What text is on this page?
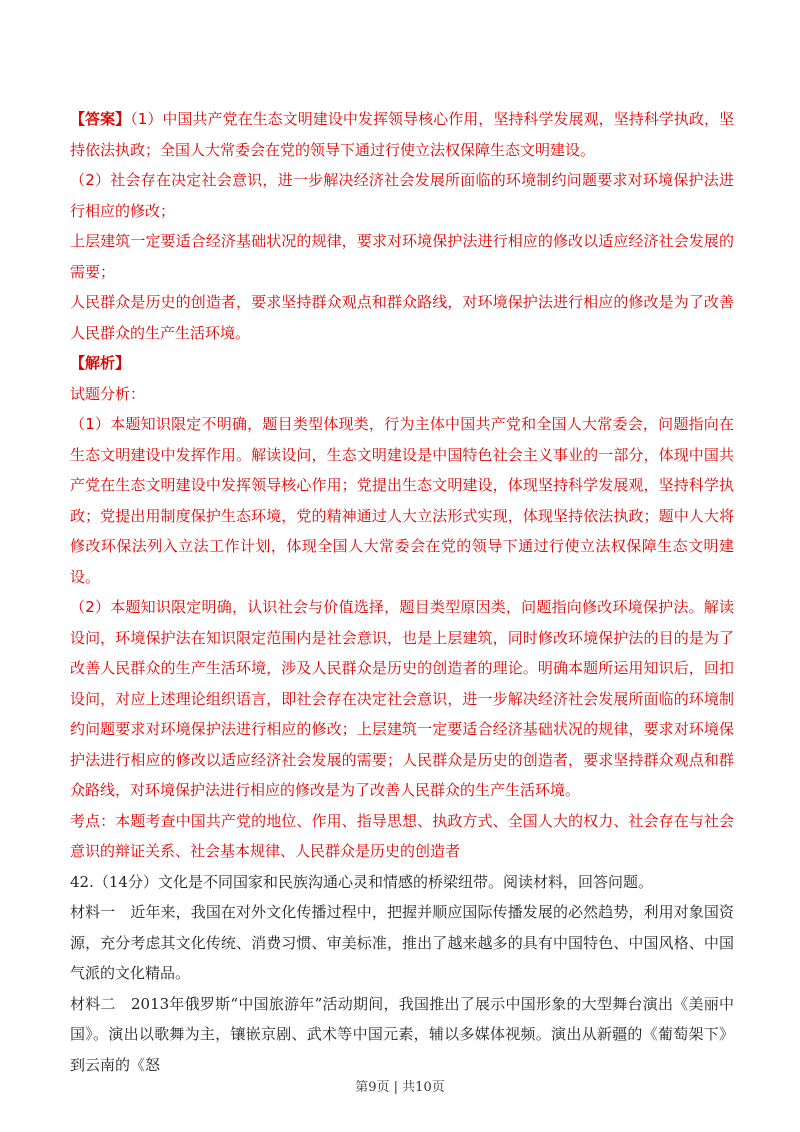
【答案】（1）中国共产党在生态文明建设中发挥领导核心作用，坚持科学发展观，坚持科学执政，坚持依法执政；全国人大常委会在党的领导下通过行使立法权保障生态文明建设。

（2）社会存在决定社会意识，进一步解决经济社会发展所面临的环境制约问题要求对环境保护法进行相应的修改；

上层建筑一定要适合经济基础状况的规律，要求对环境保护法进行相应的修改以适应经济社会发展的需要；

人民群众是历史的创造者，要求坚持群众观点和群众路线，对环境保护法进行相应的修改是为了改善人民群众的生产生活环境。

【解析】

试题分析：

（1）本题知识限定不明确，题目类型体现类，行为主体中国共产党和全国人大常委会，问题指向在生态文明建设中发挥作用。解读设问，生态文明建设是中国特色社会主义事业的一部分，体现中国共产党在生态文明建设中发挥领导核心作用；党提出生态文明建设，体现坚持科学发展观，坚持科学执政；党提出用制度保护生态环境，党的精神通过人大立法形式实现，体现坚持依法执政；题中人大将修改环保法列入立法工作计划，体现全国人大常委会在党的领导下通过行使立法权保障生态文明建设。

（2）本题知识限定明确，认识社会与价值选择，题目类型原因类，问题指向修改环境保护法。解读设问，环境保护法在知识限定范围内是社会意识，也是上层建筑，同时修改环境保护法的目的是为了改善人民群众的生产生活环境，涉及人民群众是历史的创造者的理论。明确本题所运用知识后，回扣设问，对应上述理论组织语言，即社会存在决定社会意识，进一步解决经济社会发展所面临的环境制约问题要求对环境保护法进行相应的修改；上层建筑一定要适合经济基础状况的规律，要求对环境保护法进行相应的修改以适应经济社会发展的需要；人民群众是历史的创造者，要求坚持群众观点和群众路线，对环境保护法进行相应的修改是为了改善人民群众的生产生活环境。

考点：本题考查中国共产党的地位、作用、指导思想、执政方式、全国人大的权力、社会存在与社会意识的辩证关系、社会基本规律、人民群众是历史的创造者

42.（14分）文化是不同国家和民族沟通心灵和情感的桥梁纽带。阅读材料，回答问题。

材料一　近年来，我国在对外文化传播过程中，把握并顺应国际传播发展的必然趋势，利用对象国资源，充分考虑其文化传统、消费习惯、审美标准，推出了越来越多的具有中国特色、中国风格、中国气派的文化精品。

材料二　2013年俄罗斯“中国旅游年”活动期间，我国推出了展示中国形象的大型舞台演出《美丽中国》。演出以歌舞为主，镶嵌京剧、武术等中国元素，辅以多媒体视频。演出从新疆的《葡萄架下》到云南的《怒

第9页 | 共10页
